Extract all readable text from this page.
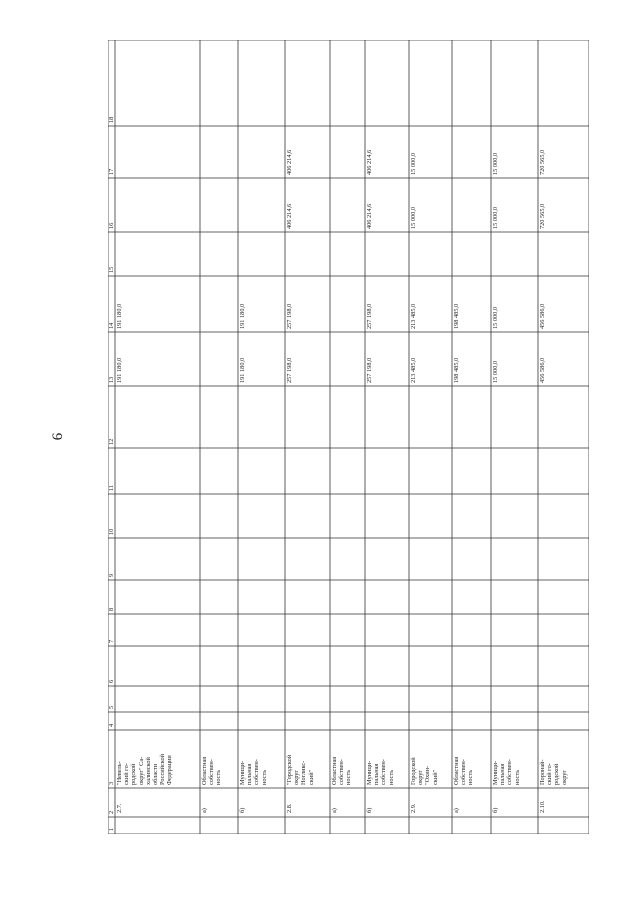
9
1
2
3
4
5
6
7
8
9
10
11
12
13
14
15
16
17
18
2.7.
"Невель- ский го- родской округ" Са- халинской области Российской Федерации
191 180,0
191 180,0
а)
Областная собствен- ность
б)
Муници- пальная собствен- ность
191 180,0
191 180,0
2.8.
"Городской округ Ногликс- ский"
257 198,0
257 198,0
406 214,6
406 214,6
а)
Областная собствен- ность
б)
Муници- пальная собствен- ность
257 198,0
257 198,0
406 214,6
406 214,6
2.9.
Городской округ "Охин- ский"
213 485,0
213 485,0
15 000,0
15 000,0
а)
Областная собствен- ность
198 485,0
198 485,0
б)
Муници- пальная собствен- ность
15 000,0
15 000,0
15 000,0
15 000,0
2.10.
Поронай- ский го- родской округ
456 586,0
456 586,0
720 565,0
720 565,0
